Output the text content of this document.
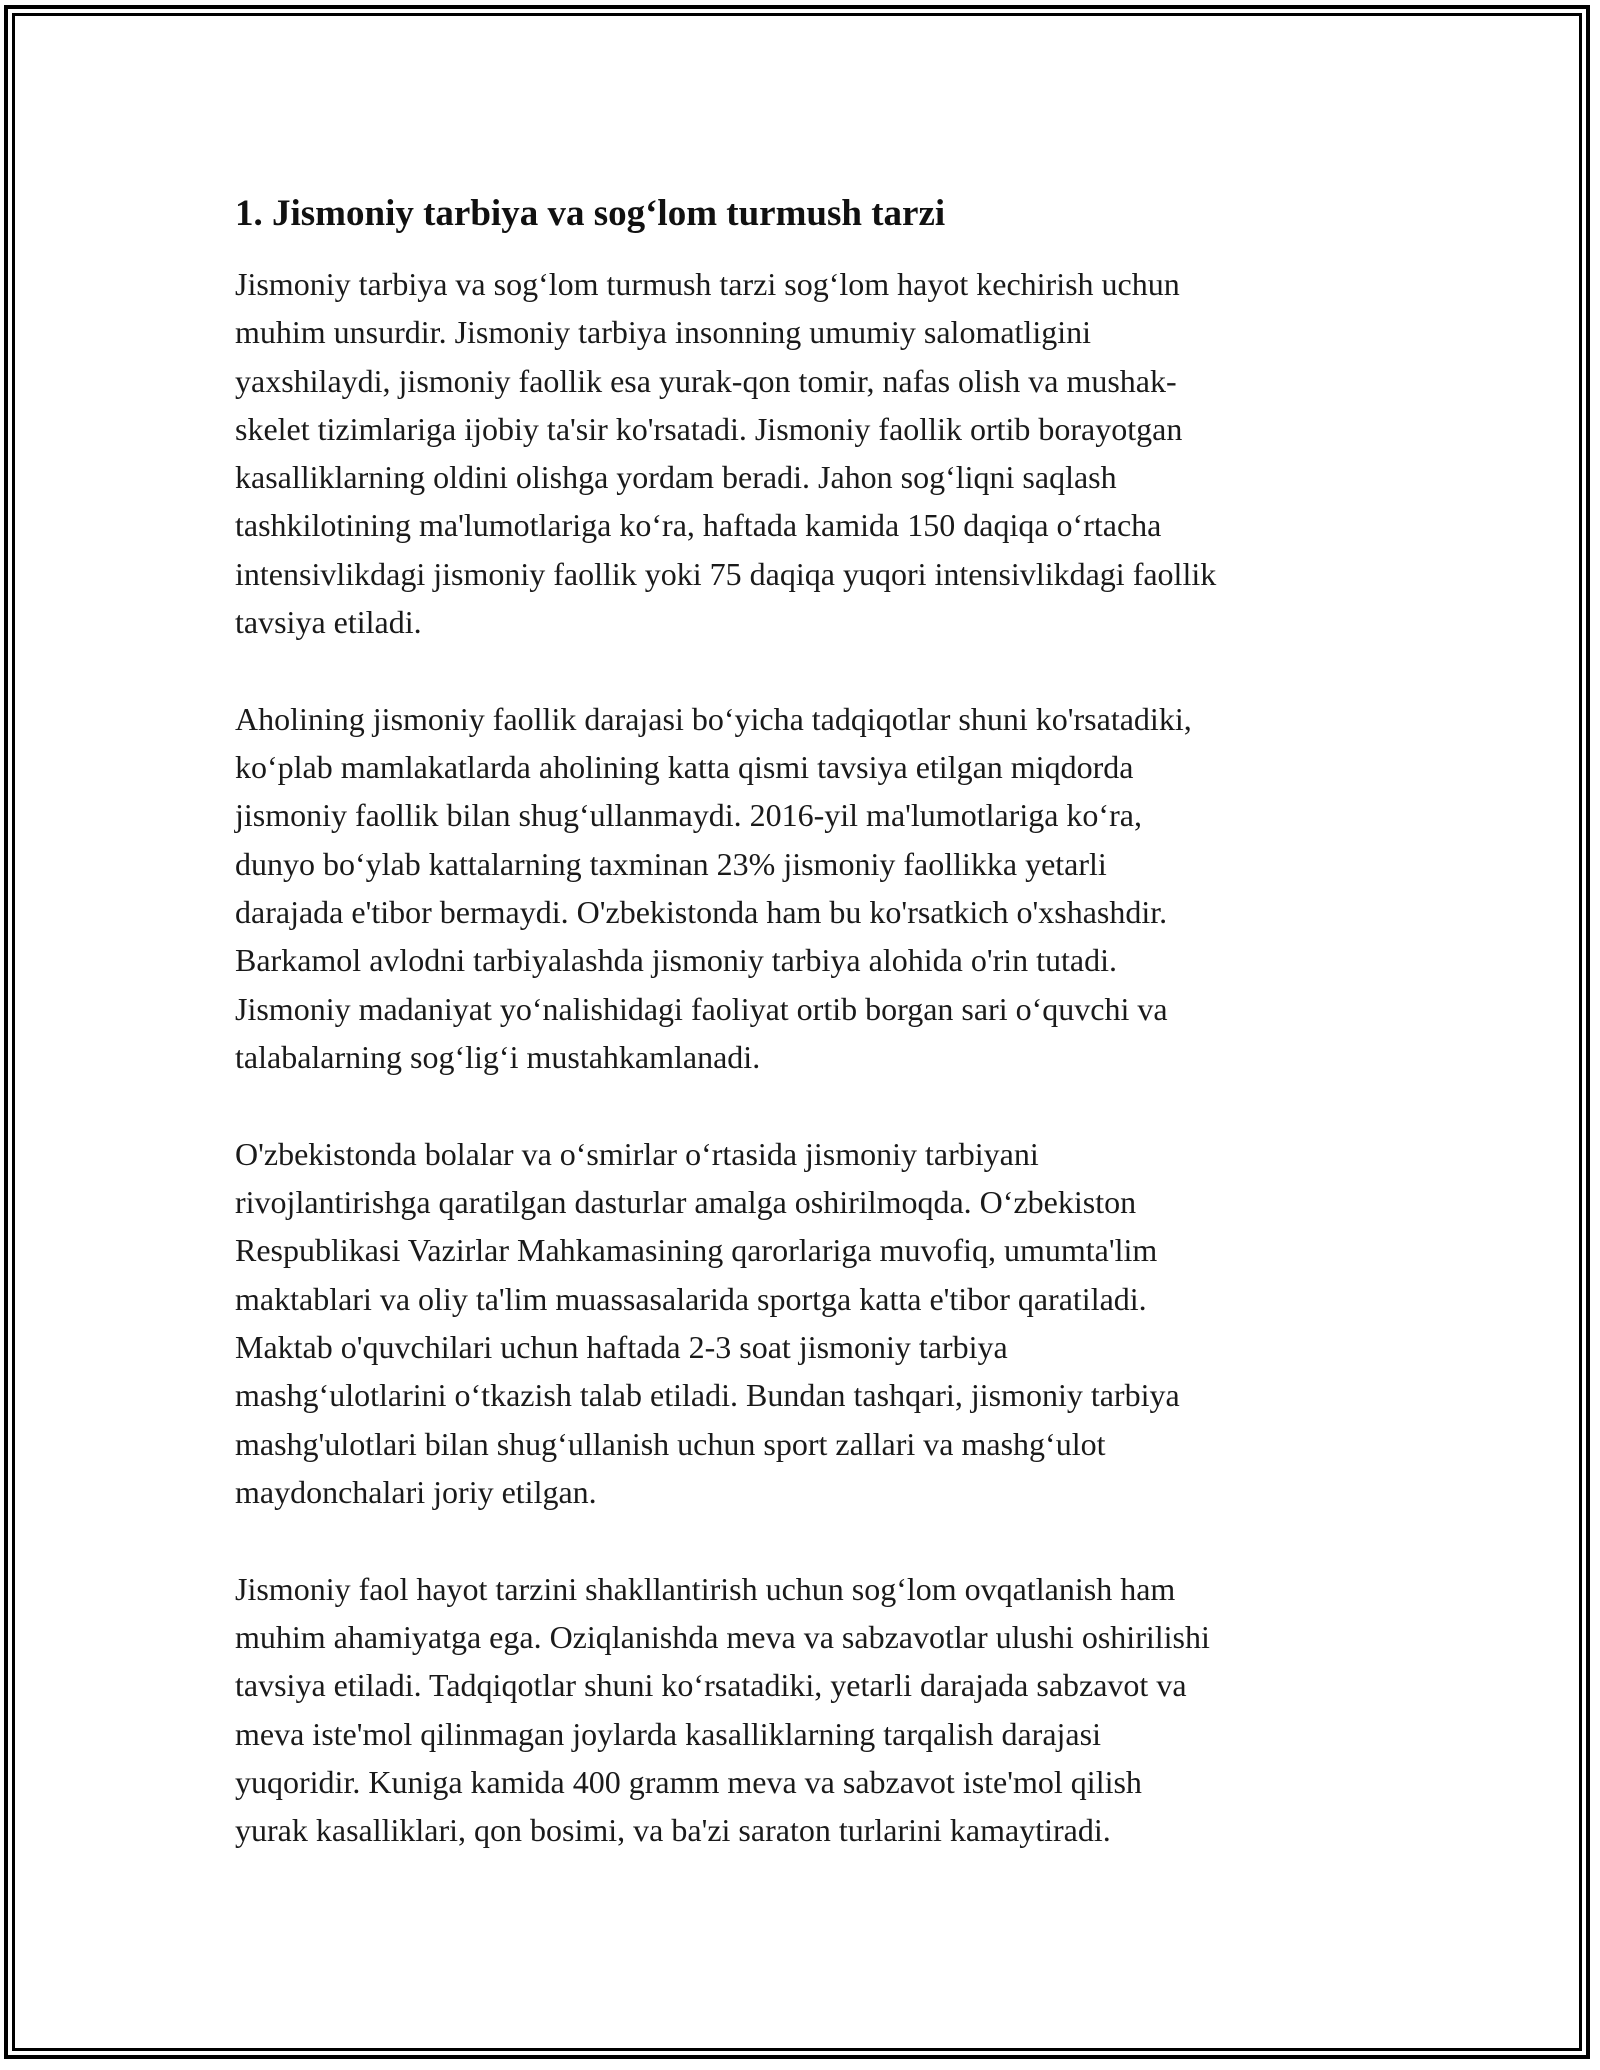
1. Jismoniy tarbiya va sog‘lom turmush tarzi

Jismoniy tarbiya va sog‘lom turmush tarzi sog‘lom hayot kechirish uchun
muhim unsurdir. Jismoniy tarbiya insonning umumiy salomatligini
yaxshilaydi, jismoniy faollik esa yurak-qon tomir, nafas olish va mushak-
skelet tizimlariga ijobiy ta'sir ko'rsatadi. Jismoniy faollik ortib borayotgan
kasalliklarning oldini olishga yordam beradi. Jahon sog‘liqni saqlash
tashkilotining ma'lumotlariga ko‘ra, haftada kamida 150 daqiqa o‘rtacha
intensivlikdagi jismoniy faollik yoki 75 daqiqa yuqori intensivlikdagi faollik
tavsiya etiladi.

Aholining jismoniy faollik darajasi bo‘yicha tadqiqotlar shuni ko'rsatadiki,
ko‘plab mamlakatlarda aholining katta qismi tavsiya etilgan miqdorda
jismoniy faollik bilan shug‘ullanmaydi. 2016-yil ma'lumotlariga ko‘ra,
dunyo bo‘ylab kattalarning taxminan 23% jismoniy faollikka yetarli
darajada e'tibor bermaydi. O'zbekistonda ham bu ko'rsatkich o'xshashdir.
Barkamol avlodni tarbiyalashda jismoniy tarbiya alohida o'rin tutadi.
Jismoniy madaniyat yo‘nalishidagi faoliyat ortib borgan sari o‘quvchi va
talabalarning sog‘lig‘i mustahkamlanadi.

O'zbekistonda bolalar va o‘smirlar o‘rtasida jismoniy tarbiyani
rivojlantirishga qaratilgan dasturlar amalga oshirilmoqda. O‘zbekiston
Respublikasi Vazirlar Mahkamasining qarorlariga muvofiq, umumta'lim
maktablari va oliy ta'lim muassasalarida sportga katta e'tibor qaratiladi.
Maktab o'quvchilari uchun haftada 2-3 soat jismoniy tarbiya
mashg‘ulotlarini o‘tkazish talab etiladi. Bundan tashqari, jismoniy tarbiya
mashg'ulotlari bilan shug‘ullanish uchun sport zallari va mashg‘ulot
maydonchalari joriy etilgan.

Jismoniy faol hayot tarzini shakllantirish uchun sog‘lom ovqatlanish ham
muhim ahamiyatga ega. Oziqlanishda meva va sabzavotlar ulushi oshirilishi
tavsiya etiladi. Tadqiqotlar shuni ko‘rsatadiki, yetarli darajada sabzavot va
meva iste'mol qilinmagan joylarda kasalliklarning tarqalish darajasi
yuqoridir. Kuniga kamida 400 gramm meva va sabzavot iste'mol qilish
yurak kasalliklari, qon bosimi, va ba'zi saraton turlarini kamaytiradi.
